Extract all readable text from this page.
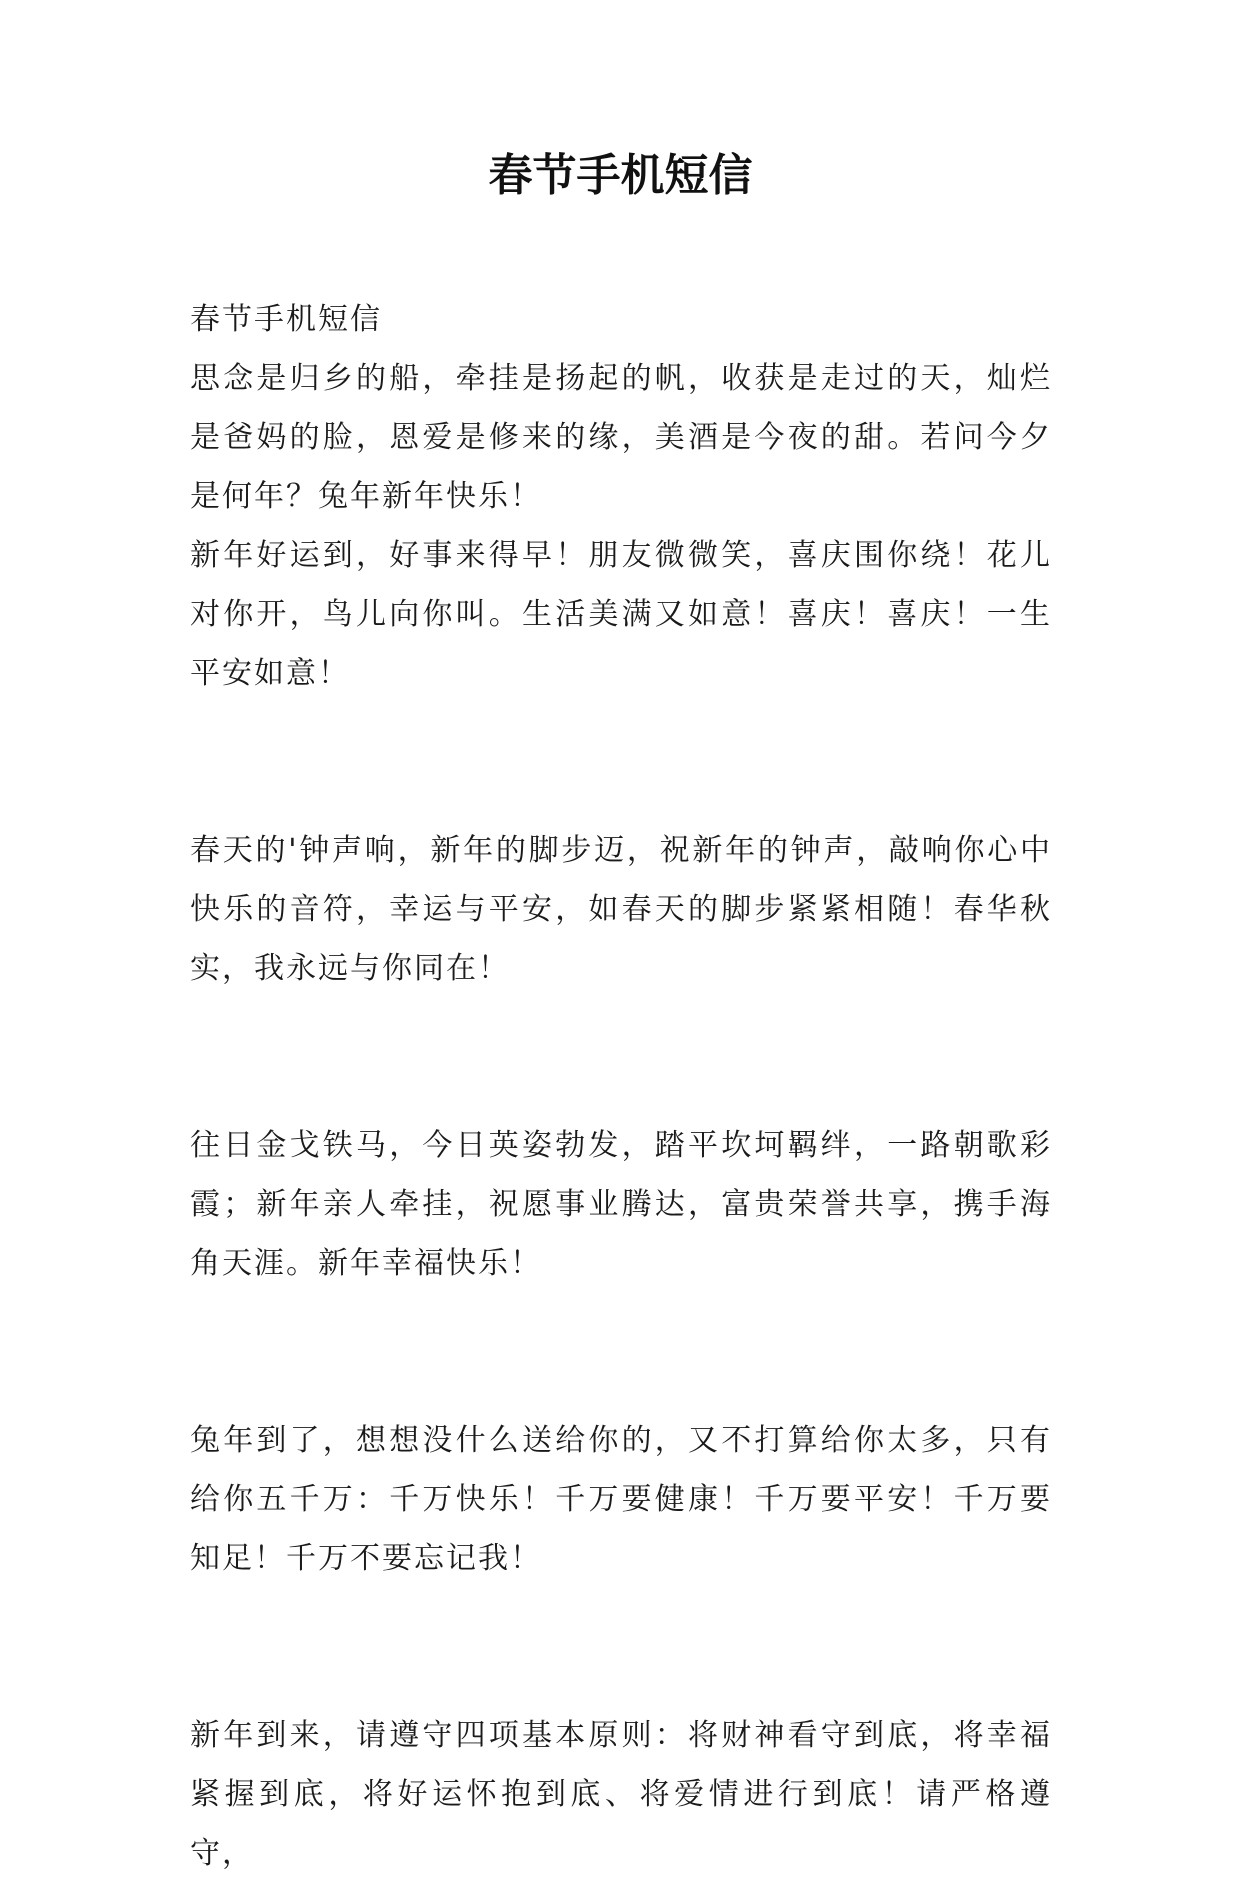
春节手机短信

春节手机短信

思念是归乡的船，牵挂是扬起的帆，收获是走过的天，灿烂是爸妈的脸，恩爱是修来的缘，美酒是今夜的甜。若问今夕是何年？兔年新年快乐！

新年好运到，好事来得早！朋友微微笑，喜庆围你绕！花儿对你开，鸟儿向你叫。生活美满又如意！喜庆！喜庆！一生平安如意！

春天的'钟声响，新年的脚步迈，祝新年的钟声，敲响你心中快乐的音符，幸运与平安，如春天的脚步紧紧相随！春华秋实，我永远与你同在！

往日金戈铁马，今日英姿勃发，踏平坎坷羁绊，一路朝歌彩霞；新年亲人牵挂，祝愿事业腾达，富贵荣誉共享，携手海角天涯。新年幸福快乐！

兔年到了，想想没什么送给你的，又不打算给你太多，只有给你五千万：千万快乐！千万要健康！千万要平安！千万要知足！千万不要忘记我！

新年到来，请遵守四项基本原则：将财神看守到底，将幸福紧握到底，将好运怀抱到底、将爱情进行到底！请严格遵守，
